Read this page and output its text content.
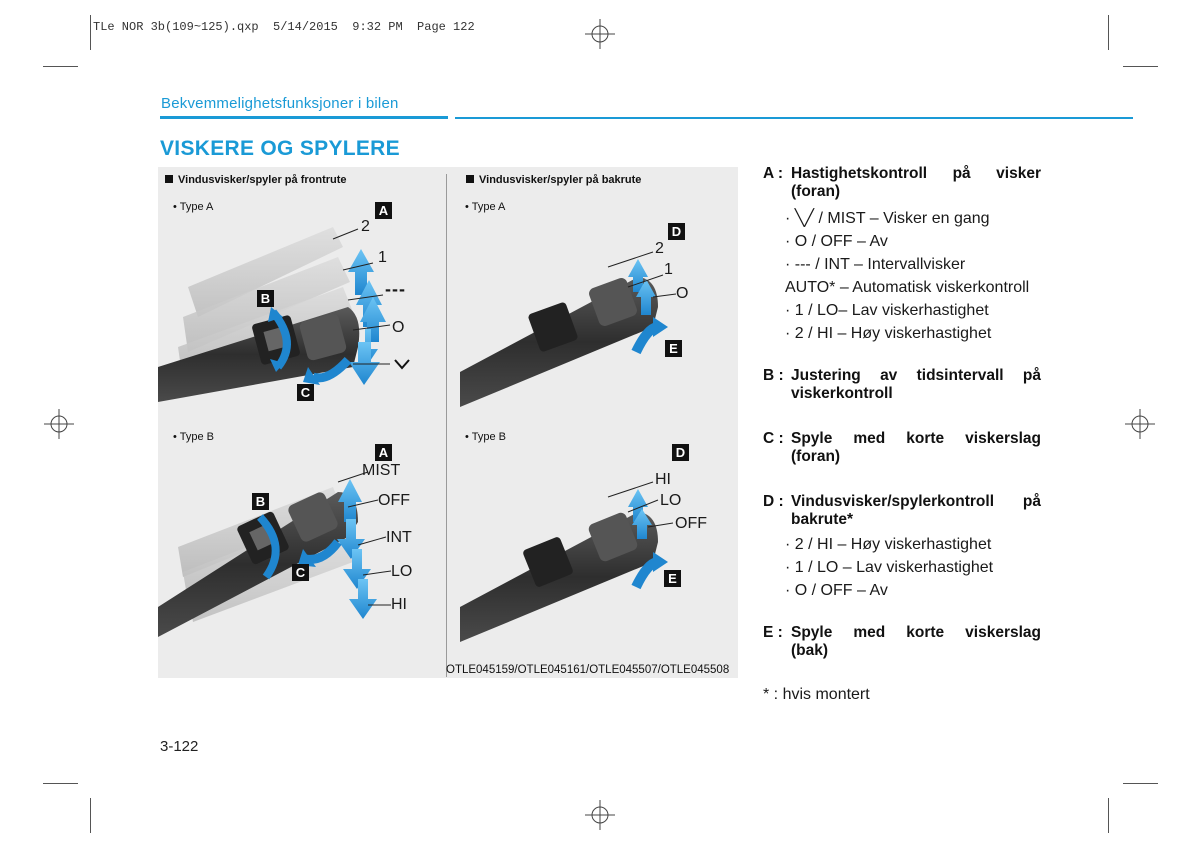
TLe NOR 3b(109~125).qxp  5/14/2015  9:32 PM  Page 122
Bekvemmelighetsfunksjoner i bilen
VISKERE OG SPYLERE
Vindusvisker/spyler på frontrute	Vindusvisker/spyler på bakrute
• Type A	• Type A
• Type B	• Type B
A
B
C
D
E
A
B
C
D
E
2
1
---
O
MIST
OFF
INT
LO
HI
2
1
O
HI
LO
OFF
OTLE045159/OTLE045161/OTLE045507/OTLE045508
A : Hastighetskontroll på visker
(foran)
· ╲╱ / MIST – Visker en gang
· O / OFF – Av
· --- / INT – Intervallvisker
AUTO* – Automatisk viskerkontroll
· 1 / LO– Lav viskerhastighet
· 2 / HI – Høy viskerhastighet
B : Justering av tidsintervall på
viskerkontroll
C : Spyle med korte viskerslag
(foran)
D : Vindusvisker/spylerkontroll på
bakrute*
· 2 / HI – Høy viskerhastighet
· 1 / LO – Lav viskerhastighet
· O / OFF – Av
E : Spyle med korte viskerslag
(bak)
* : hvis montert
3-122
